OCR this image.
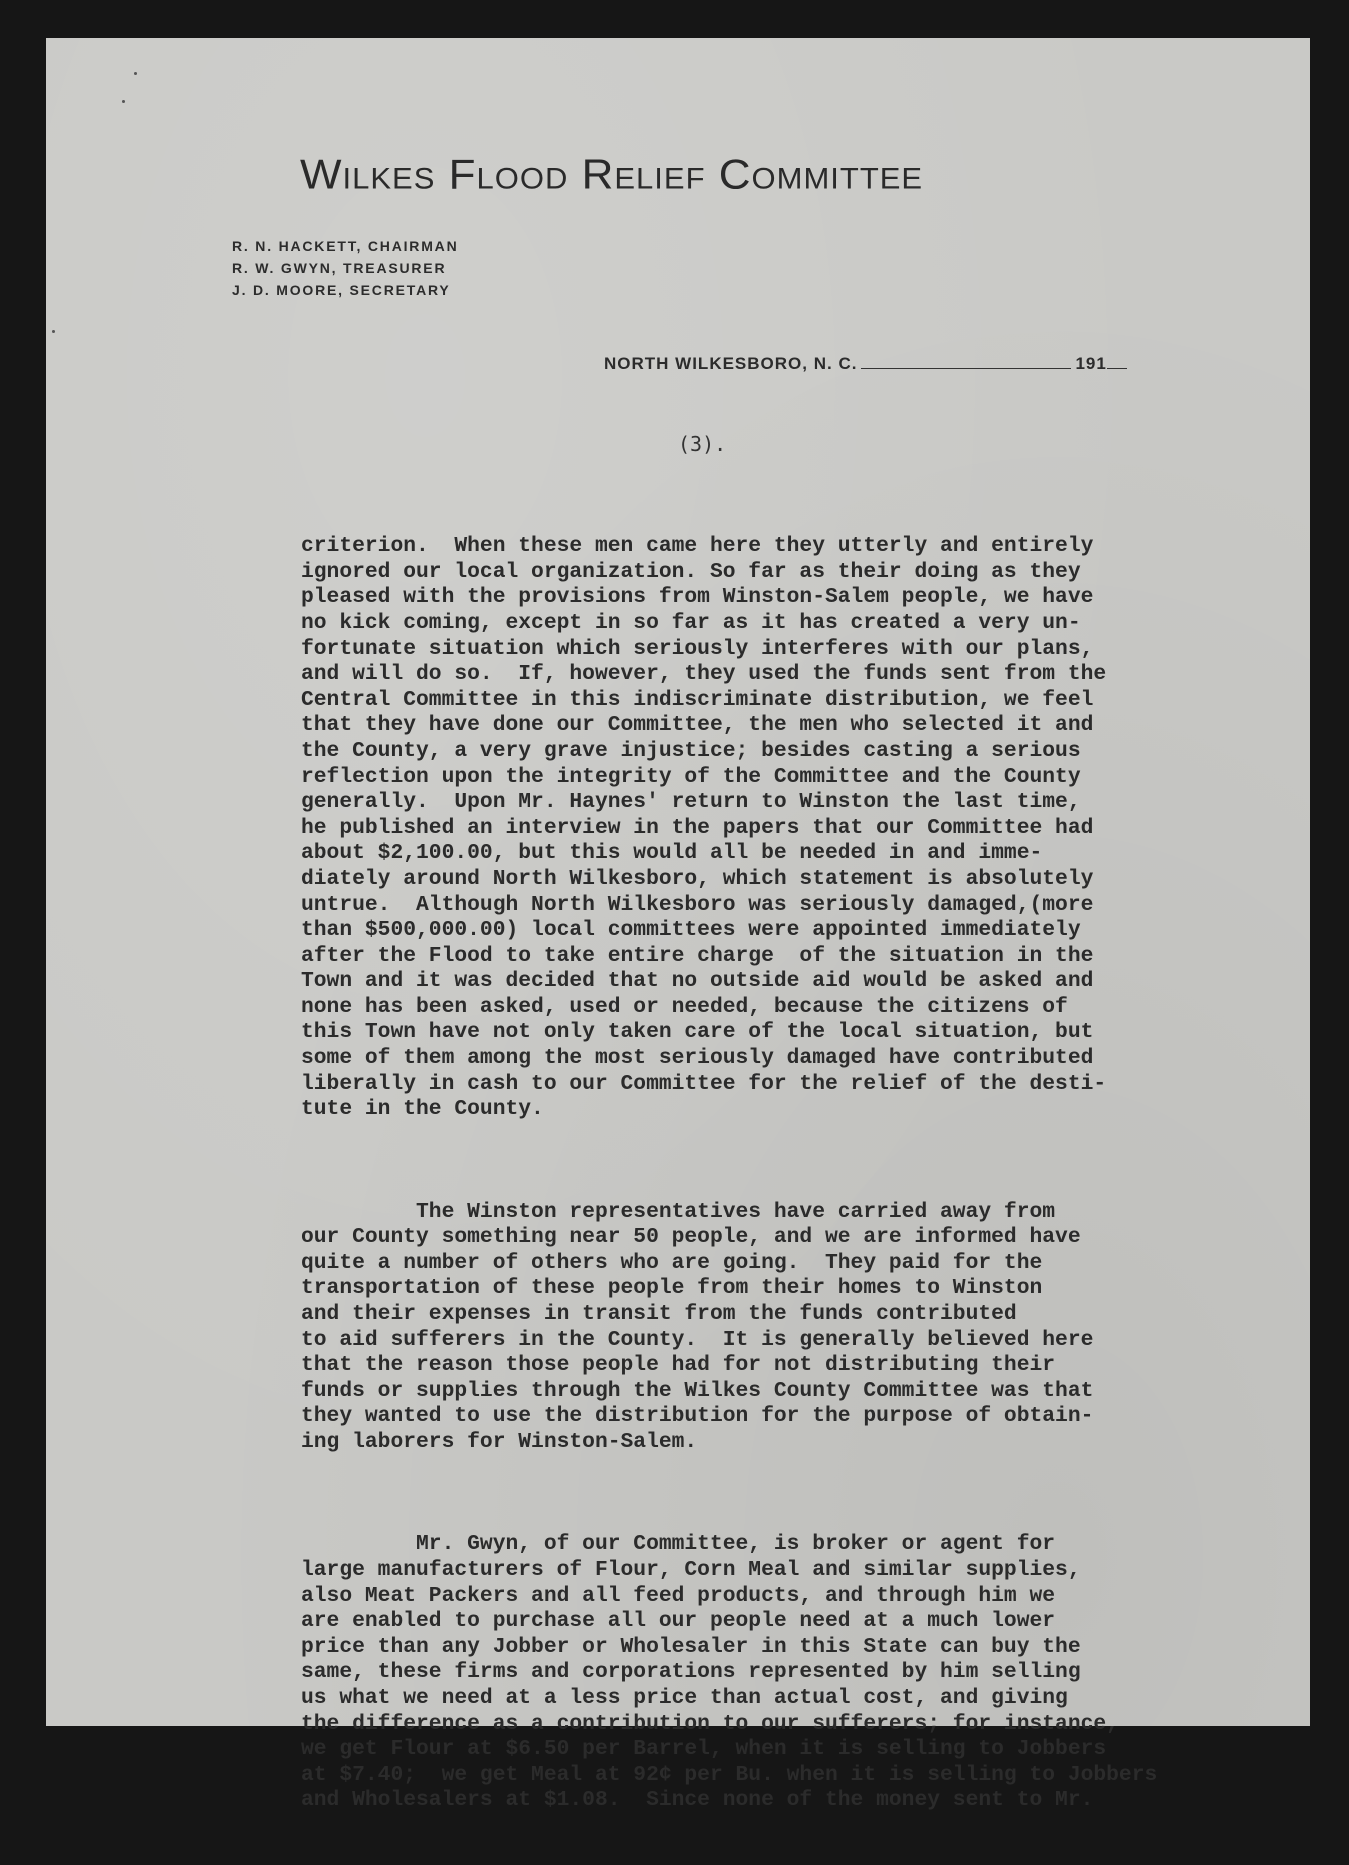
Wilkes Flood Relief Committee
R. N. HACKETT, CHAIRMAN
R. W. GWYN, TREASURER
J. D. MOORE, SECRETARY
NORTH WILKESBORO, N. C.	191
(3).

criterion.  When these men came here they utterly and entirely
ignored our local organization. So far as their doing as they
pleased with the provisions from Winston-Salem people, we have
no kick coming, except in so far as it has created a very un-
fortunate situation which seriously interferes with our plans,
and will do so.  If, however, they used the funds sent from the
Central Committee in this indiscriminate distribution, we feel
that they have done our Committee, the men who selected it and
the County, a very grave injustice; besides casting a serious
reflection upon the integrity of the Committee and the County
generally.  Upon Mr. Haynes' return to Winston the last time,
he published an interview in the papers that our Committee had
about $2,100.00, but this would all be needed in and imme-
diately around North Wilkesboro, which statement is absolutely
untrue.  Although North Wilkesboro was seriously damaged,(more
than $500,000.00) local committees were appointed immediately
after the Flood to take entire charge  of the situation in the
Town and it was decided that no outside aid would be asked and
none has been asked, used or needed, because the citizens of
this Town have not only taken care of the local situation, but
some of them among the most seriously damaged have contributed
liberally in cash to our Committee for the relief of the desti-
tute in the County.

The Winston representatives have carried away from
our County something near 50 people, and we are informed have
quite a number of others who are going.  They paid for the
transportation of these people from their homes to Winston
and their expenses in transit from the funds contributed
to aid sufferers in the County.  It is generally believed here
that the reason those people had for not distributing their
funds or supplies through the Wilkes County Committee was that
they wanted to use the distribution for the purpose of obtain-
ing laborers for Winston-Salem.

Mr. Gwyn, of our Committee, is broker or agent for
large manufacturers of Flour, Corn Meal and similar supplies,
also Meat Packers and all feed products, and through him we
are enabled to purchase all our people need at a much lower
price than any Jobber or Wholesaler in this State can buy the
same, these firms and corporations represented by him selling
us what we need at a less price than actual cost, and giving
the difference as a contribution to our sufferers; for instance,
we get Flour at $6.50 per Barrel, when it is selling to Jobbers
at $7.40;  we get Meal at 92¢ per Bu. when it is selling to Jobbers
and Wholesalers at $1.08.  Since none of the money sent to Mr.
